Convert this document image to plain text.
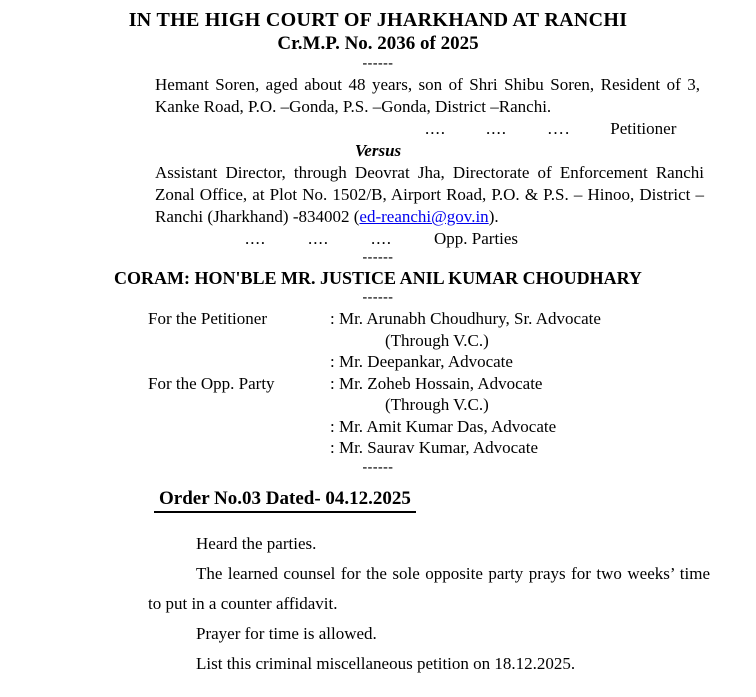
IN THE HIGH COURT OF JHARKHAND AT RANCHI
Cr.M.P. No. 2036 of 2025
------
Hemant Soren, aged about 48 years, son of Shri Shibu Soren, Resident of 3, Kanke Road, P.O. –Gonda, P.S. –Gonda, District –Ranchi.
.... .... …. Petitioner
Versus
Assistant Director, through Deovrat Jha, Directorate of Enforcement Ranchi Zonal Office, at Plot No. 1502/B, Airport Road, P.O. & P.S. – Hinoo, District –Ranchi (Jharkhand) -834002 (ed-reanchi@gov.in).
.... .... .... Opp. Parties
------
CORAM: HON'BLE MR. JUSTICE ANIL KUMAR CHOUDHARY
------
For the Petitioner	: Mr. Arunabh Choudhury, Sr. Advocate
(Through V.C.)
: Mr. Deepankar, Advocate
For the Opp. Party	: Mr. Zoheb Hossain, Advocate
(Through V.C.)
: Mr. Amit Kumar Das, Advocate
: Mr. Saurav Kumar, Advocate
------
Order No.03 Dated- 04.12.2025

Heard the parties.

The learned counsel for the sole opposite party prays for two weeks’ time to put in a counter affidavit.

Prayer for time is allowed.

List this criminal miscellaneous petition on 18.12.2025.
